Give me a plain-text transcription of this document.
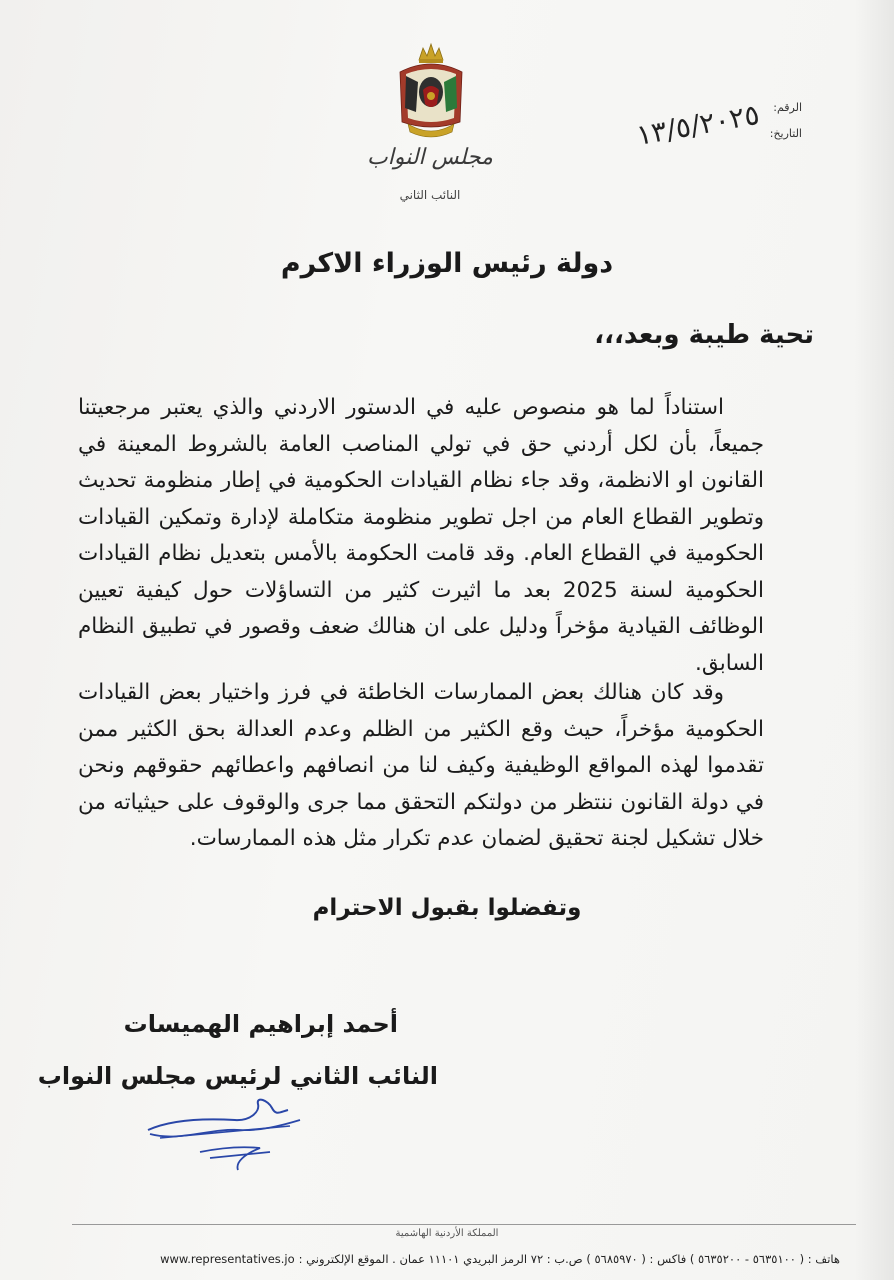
مجلس النواب
النائب الثاني
الرقم:
التاريخ:
١٣/٥/٢٠٢٥
دولة رئيس الوزراء الاكرم
تحية طيبة وبعد،،،

استناداً لما هو منصوص عليه في الدستور الاردني والذي يعتبر مرجعيتنا جميعاً، بأن لكل أردني حق في تولي المناصب العامة بالشروط المعينة في القانون او الانظمة، وقد جاء نظام القيادات الحكومية في إطار منظومة تحديث وتطوير القطاع العام من اجل تطوير منظومة متكاملة لإدارة وتمكين القيادات الحكومية في القطاع العام. وقد قامت الحكومة بالأمس بتعديل نظام القيادات الحكومية لسنة 2025 بعد ما اثيرت كثير من التساؤلات حول كيفية تعيين الوظائف القيادية مؤخراً ودليل على ان هنالك ضعف وقصور في تطبيق النظام السابق.

وقد كان هنالك بعض الممارسات الخاطئة في فرز واختيار بعض القيادات الحكومية مؤخراً، حيث وقع الكثير من الظلم وعدم العدالة بحق الكثير ممن تقدموا لهذه المواقع الوظيفية وكيف لنا من انصافهم واعطائهم حقوقهم ونحن في دولة القانون ننتظر من دولتكم التحقق مما جرى والوقوف على حيثياته من خلال تشكيل لجنة تحقيق لضمان عدم تكرار مثل هذه الممارسات.

وتفضلوا بقبول الاحترام
أحمد إبراهيم الهميسات
النائب الثاني لرئيس مجلس النواب
المملكة الأردنية الهاشمية
هاتف : ( ٥٦٣٥١٠٠ - ٥٦٣٥٢٠٠ ) فاكس : ( ٥٦٨٥٩٧٠ ) ص.ب : ٧٢ الرمز البريدي ١١١٠١ عمان . الموقع الإلكتروني :
www.representatives.jo
